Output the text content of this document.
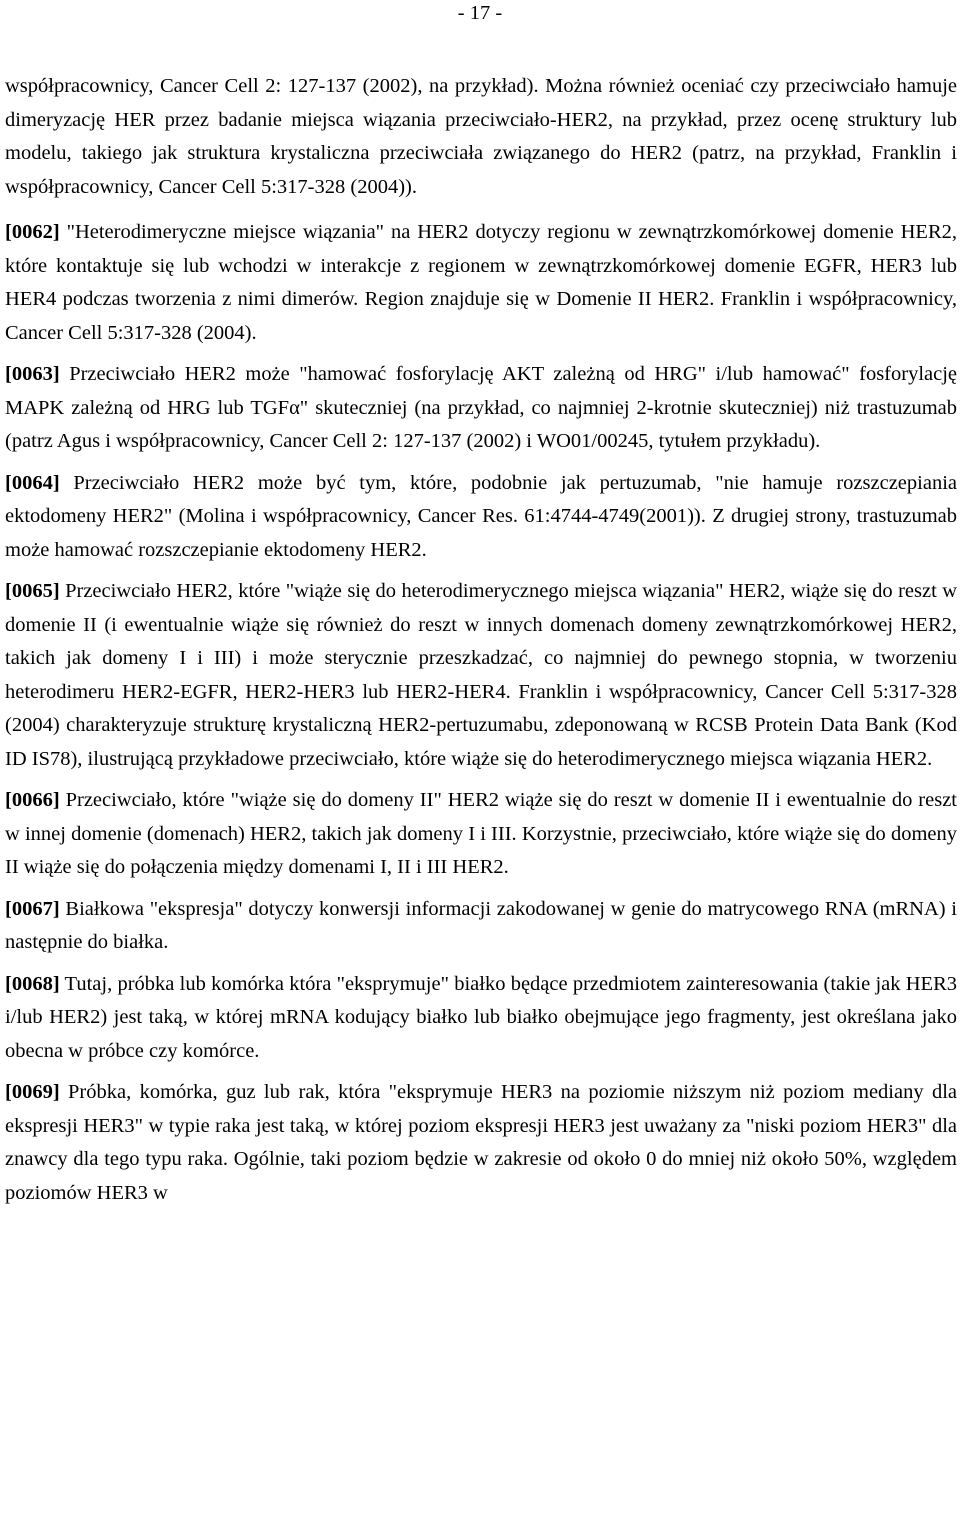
- 17 -

współpracownicy, Cancer Cell 2: 127-137 (2002), na przykład). Można również oceniać czy przeciwciało hamuje dimeryzację HER przez badanie miejsca wiązania przeciwciało-HER2, na przykład, przez ocenę struktury lub modelu, takiego jak struktura krystaliczna przeciwciała związanego do HER2 (patrz, na przykład, Franklin i współpracownicy, Cancer Cell 5:317-328 (2004)).

[0062] "Heterodimeryczne miejsce wiązania" na HER2 dotyczy regionu w zewnątrzkomórkowej domenie HER2, które kontaktuje się lub wchodzi w interakcje z regionem w zewnątrzkomórkowej domenie EGFR, HER3 lub HER4 podczas tworzenia z nimi dimerów. Region znajduje się w Domenie II HER2. Franklin i współpracownicy, Cancer Cell 5:317-328 (2004).

[0063] Przeciwciało HER2 może "hamować fosforylację AKT zależną od HRG" i/lub hamować" fosforylację MAPK zależną od HRG lub TGFα" skuteczniej (na przykład, co najmniej 2-krotnie skuteczniej) niż trastuzumab (patrz Agus i współpracownicy, Cancer Cell 2: 127-137 (2002) i WO01/00245, tytułem przykładu).

[0064] Przeciwciało HER2 może być tym, które, podobnie jak pertuzumab, "nie hamuje rozszczepiania ektodomeny HER2" (Molina i współpracownicy, Cancer Res. 61:4744-4749(2001)). Z drugiej strony, trastuzumab może hamować rozszczepianie ektodomeny HER2.

[0065] Przeciwciało HER2, które "wiąże się do heterodimerycznego miejsca wiązania" HER2, wiąże się do reszt w domenie II (i ewentualnie wiąże się również do reszt w innych domenach domeny zewnątrzkomórkowej HER2, takich jak domeny I i III) i może sterycznie przeszkadzać, co najmniej do pewnego stopnia, w tworzeniu heterodimeru HER2-EGFR, HER2-HER3 lub HER2-HER4. Franklin i współpracownicy, Cancer Cell 5:317-328 (2004) charakteryzuje strukturę krystaliczną HER2-pertuzumabu, zdeponowaną w RCSB Protein Data Bank (Kod ID IS78), ilustrującą przykładowe przeciwciało, które wiąże się do heterodimerycznego miejsca wiązania HER2.

[0066] Przeciwciało, które "wiąże się do domeny II" HER2 wiąże się do reszt w domenie II i ewentualnie do reszt w innej domenie (domenach) HER2, takich jak domeny I i III. Korzystnie, przeciwciało, które wiąże się do domeny II wiąże się do połączenia między domenami I, II i III HER2.

[0067] Białkowa "ekspresja" dotyczy konwersji informacji zakodowanej w genie do matrycowego RNA (mRNA) i następnie do białka.

[0068] Tutaj, próbka lub komórka która "eksprymuje" białko będące przedmiotem zainteresowania (takie jak HER3 i/lub HER2) jest taką, w której mRNA kodujący białko lub białko obejmujące jego fragmenty, jest określana jako obecna w próbce czy komórce.

[0069] Próbka, komórka, guz lub rak, która "eksprymuje HER3 na poziomie niższym niż poziom mediany dla ekspresji HER3" w typie raka jest taką, w której poziom ekspresji HER3 jest uważany za "niski poziom HER3" dla znawcy dla tego typu raka. Ogólnie, taki poziom będzie w zakresie od około 0 do mniej niż około 50%, względem poziomów HER3 w
